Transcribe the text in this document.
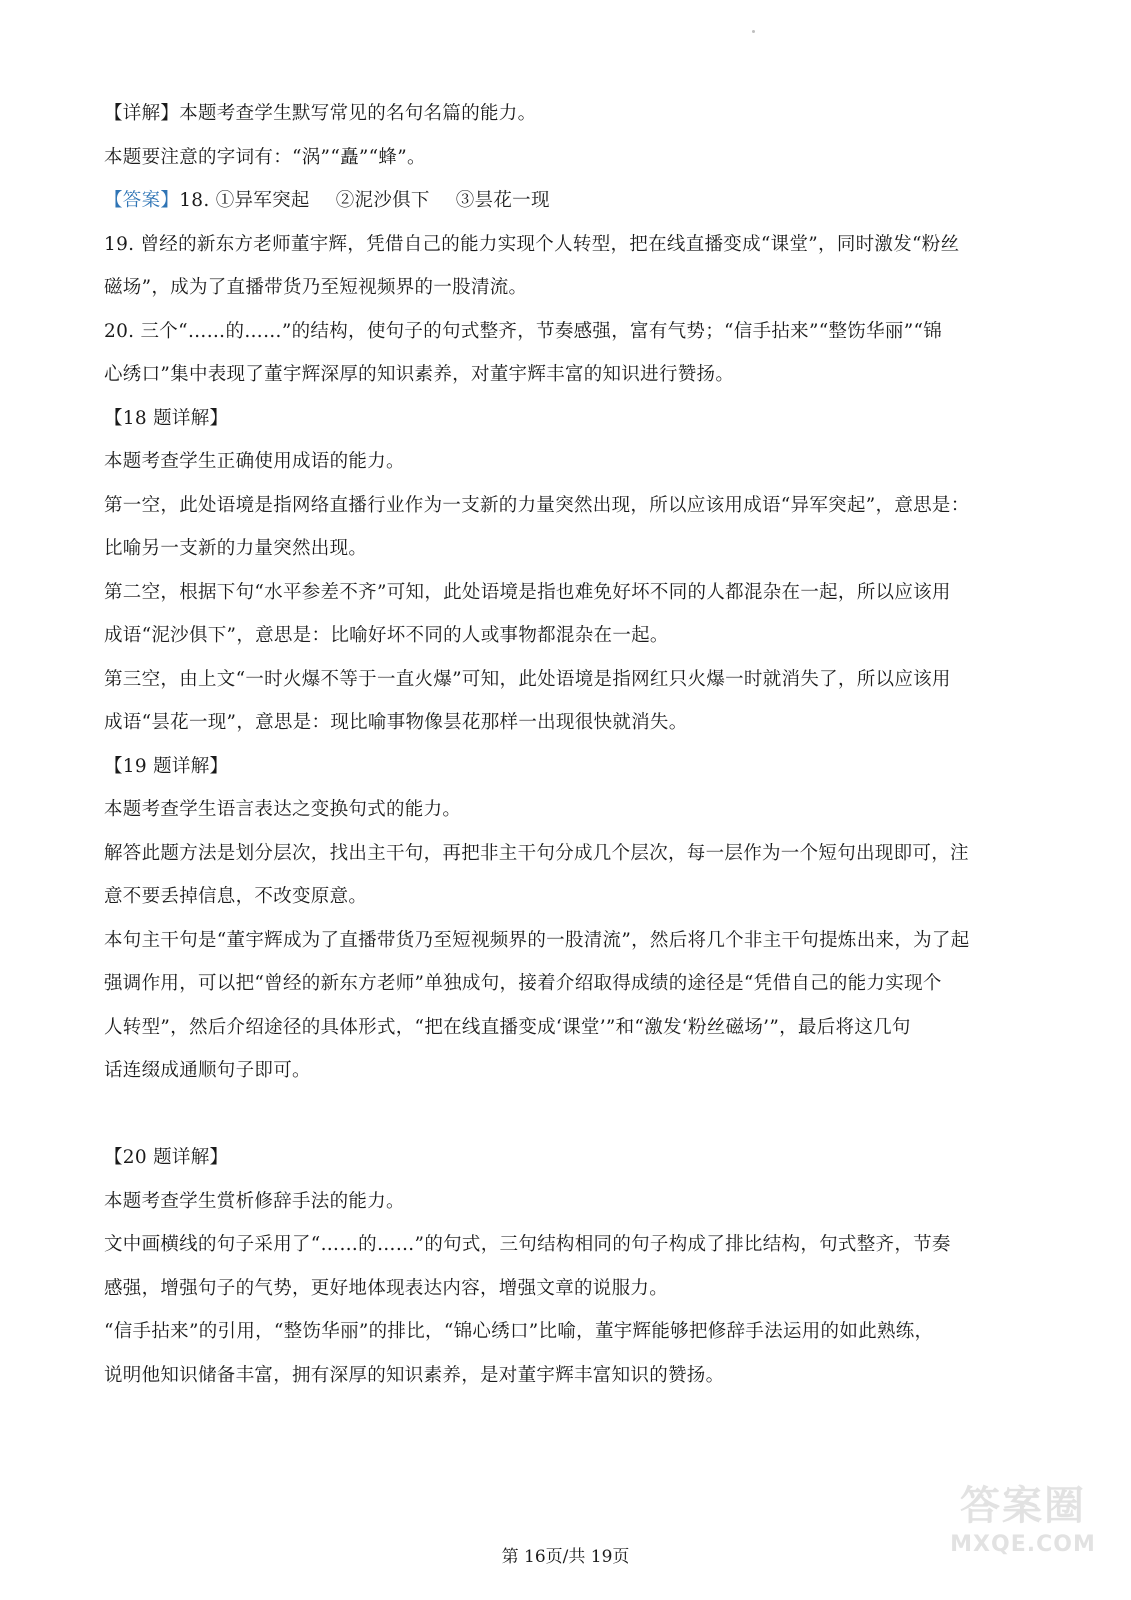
【详解】本题考查学生默写常见的名句名篇的能力。
本题要注意的字词有：“涡”“矗”“蜂”。
【答案】18. ①异军突起 ②泥沙俱下 ③昙花一现
19. 曾经的新东方老师董宇辉，凭借自己的能力实现个人转型，把在线直播变成“课堂”，同时激发“粉丝
磁场”，成为了直播带货乃至短视频界的一股清流。
20. 三个“……的……”的结构，使句子的句式整齐，节奏感强，富有气势；“信手拈来”“整饬华丽”“锦
心绣口”集中表现了董宇辉深厚的知识素养，对董宇辉丰富的知识进行赞扬。
【18 题详解】
本题考查学生正确使用成语的能力。
第一空，此处语境是指网络直播行业作为一支新的力量突然出现，所以应该用成语“异军突起”，意思是：
比喻另一支新的力量突然出现。
第二空，根据下句“水平参差不齐”可知，此处语境是指也难免好坏不同的人都混杂在一起，所以应该用
成语“泥沙俱下”，意思是：比喻好坏不同的人或事物都混杂在一起。
第三空，由上文“一时火爆不等于一直火爆”可知，此处语境是指网红只火爆一时就消失了，所以应该用
成语“昙花一现”，意思是：现比喻事物像昙花那样一出现很快就消失。
【19 题详解】
本题考查学生语言表达之变换句式的能力。
解答此题方法是划分层次，找出主干句，再把非主干句分成几个层次，每一层作为一个短句出现即可，注
意不要丢掉信息，不改变原意。
本句主干句是“董宇辉成为了直播带货乃至短视频界的一股清流”，然后将几个非主干句提炼出来，为了起
强调作用，可以把“曾经的新东方老师”单独成句，接着介绍取得成绩的途径是“凭借自己的能力实现个
人转型”，然后介绍途径的具体形式，“把在线直播变成‘课堂’”和“激发‘粉丝磁场’”，最后将这几句
话连缀成通顺句子即可。
【20 题详解】
本题考查学生赏析修辞手法的能力。
文中画横线的句子采用了“……的……”的句式，三句结构相同的句子构成了排比结构，句式整齐，节奏
感强，增强句子的气势，更好地体现表达内容，增强文章的说服力。
“信手拈来”的引用，“整饬华丽”的排比，“锦心绣口”比喻，董宇辉能够把修辞手法运用的如此熟练，
说明他知识储备丰富，拥有深厚的知识素养，是对董宇辉丰富知识的赞扬。
第 16页/共 19页
答案圈
MXQE.COM
